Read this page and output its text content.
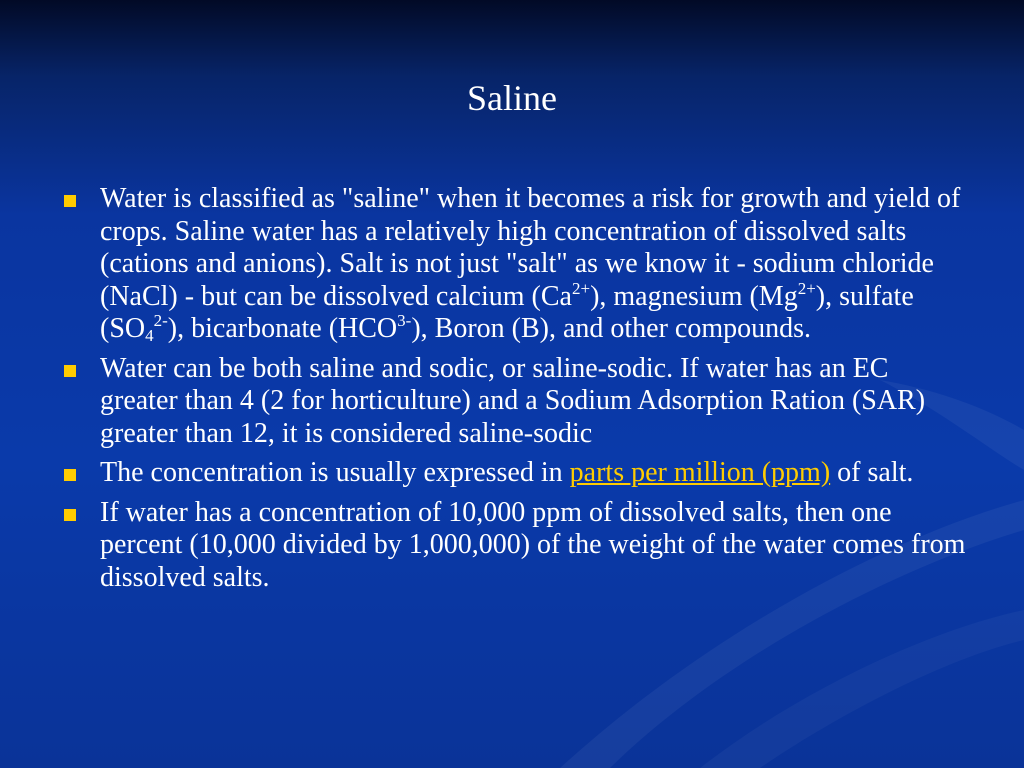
Saline
Water is classified as "saline" when it becomes a risk for growth and yield of crops. Saline water has a relatively high concentration of dissolved salts (cations and anions). Salt is not just "salt" as we know it - sodium chloride (NaCl) - but can be dissolved calcium $(Ca^{2+})$, magnesium $(Mg^{2+})$, sulfate $(SO_4^{2-})$, bicarbonate $(HCO^{3-})$, Boron (B), and other compounds.
Water can be both saline and sodic, or saline-sodic. If water has an EC greater than 4 (2 for horticulture) and a Sodium Adsorption Ration (SAR) greater than 12, it is considered saline-sodic
The concentration is usually expressed in parts per million (ppm) of salt.
If water has a concentration of 10,000 ppm of dissolved salts, then one percent (10,000 divided by 1,000,000) of the weight of the water comes from dissolved salts.
